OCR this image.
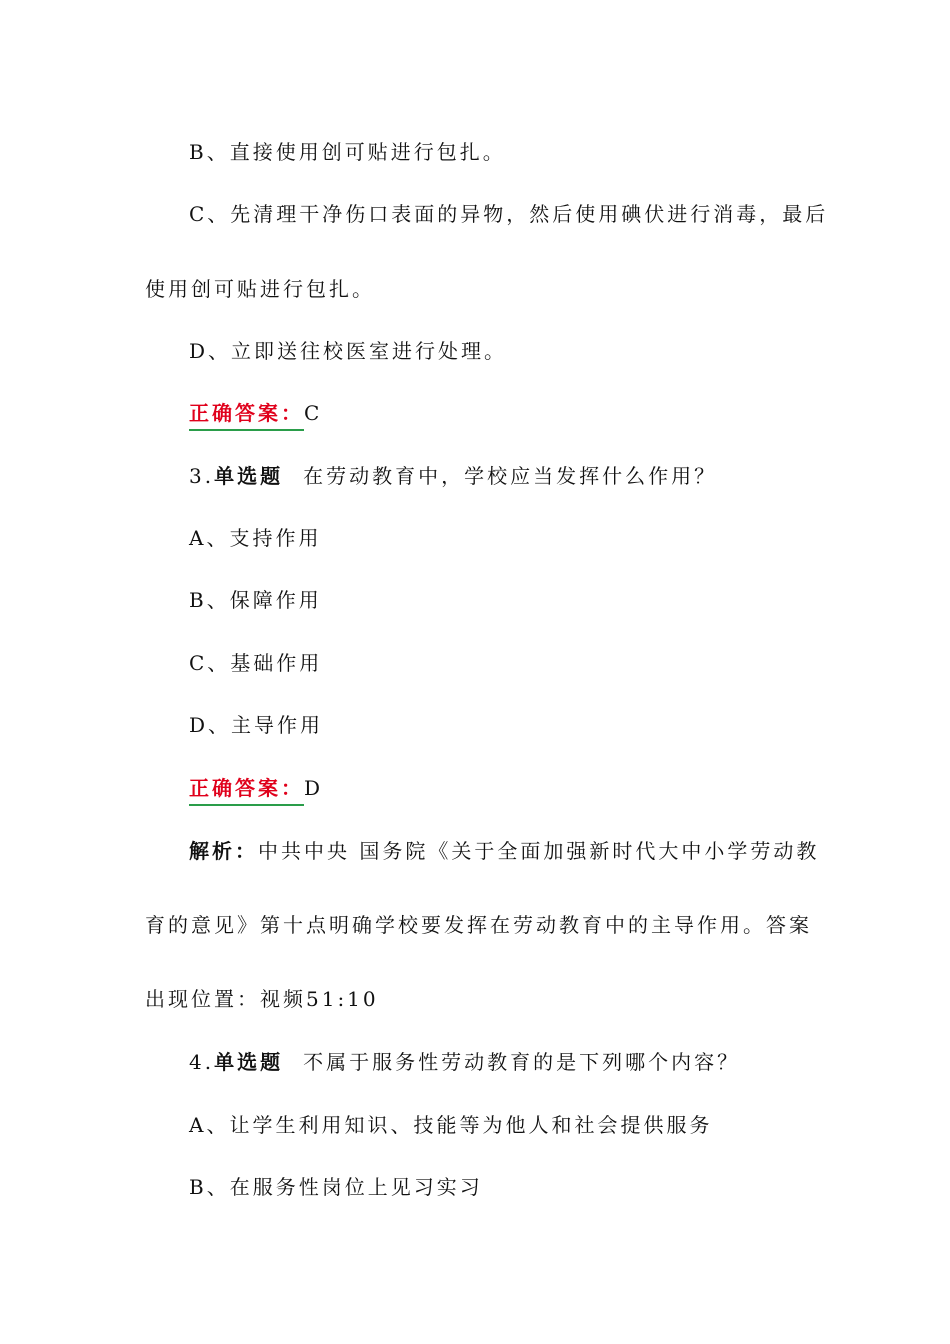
B、直接使用创可贴进行包扎。
C、先清理干净伤口表面的异物，然后使用碘伏进行消毒，最后
使用创可贴进行包扎。
D、立即送往校医室进行处理。
正确答案：C
3.单选题 在劳动教育中，学校应当发挥什么作用？
A、支持作用
B、保障作用
C、基础作用
D、主导作用
正确答案：D
解析：中共中央 国务院《关于全面加强新时代大中小学劳动教
育的意见》第十点明确学校要发挥在劳动教育中的主导作用。答案
出现位置：视频51:10
4.单选题 不属于服务性劳动教育的是下列哪个内容？
A、让学生利用知识、技能等为他人和社会提供服务
B、在服务性岗位上见习实习
